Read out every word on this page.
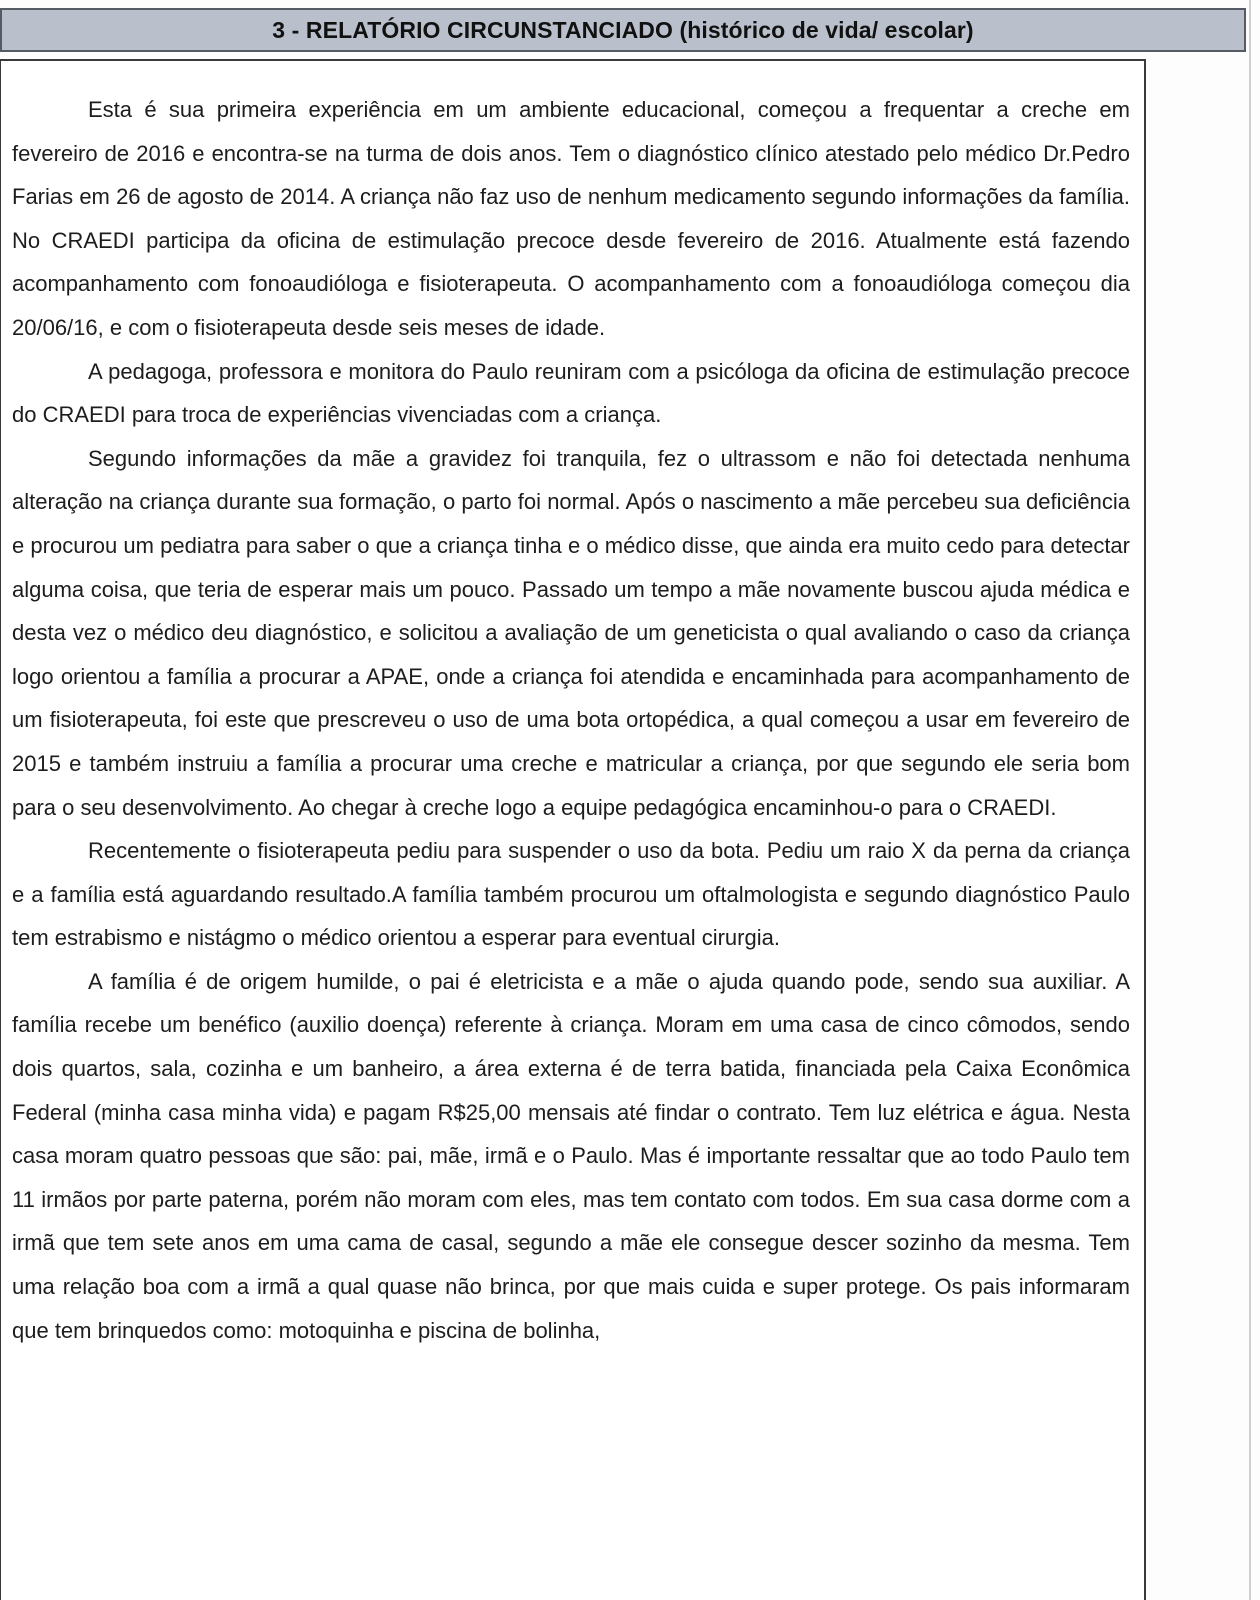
3 - RELATÓRIO CIRCUNSTANCIADO (histórico de vida/ escolar)

Esta é sua primeira experiência em um ambiente educacional, começou a frequentar a creche em fevereiro de 2016 e encontra-se na turma de dois anos. Tem o diagnóstico clínico atestado pelo médico Dr.Pedro Farias em 26 de agosto de 2014. A criança não faz uso de nenhum medicamento segundo informações da família. No CRAEDI participa da oficina de estimulação precoce desde fevereiro de 2016. Atualmente está fazendo acompanhamento com fonoaudióloga e fisioterapeuta. O acompanhamento com a fonoaudióloga começou dia 20/06/16, e com o fisioterapeuta desde seis meses de idade.

A pedagoga, professora e monitora do Paulo reuniram com a psicóloga da oficina de estimulação precoce do CRAEDI para troca de experiências vivenciadas com a criança.

Segundo informações da mãe a gravidez foi tranquila, fez o ultrassom e não foi detectada nenhuma alteração na criança durante sua formação, o parto foi normal. Após o nascimento a mãe percebeu sua deficiência e procurou um pediatra para saber o que a criança tinha e o médico disse, que ainda era muito cedo para detectar alguma coisa, que teria de esperar mais um pouco. Passado um tempo a mãe novamente buscou ajuda médica e desta vez o médico deu diagnóstico, e solicitou a avaliação de um geneticista o qual avaliando o caso da criança logo orientou a família a procurar a APAE, onde a criança foi atendida e encaminhada para acompanhamento de um fisioterapeuta, foi este que prescreveu o uso de uma bota ortopédica, a qual começou a usar em fevereiro de 2015 e também instruiu a família a procurar uma creche e matricular a criança, por que segundo ele seria bom para o seu desenvolvimento. Ao chegar à creche logo a equipe pedagógica encaminhou-o para o CRAEDI.

Recentemente o fisioterapeuta pediu para suspender o uso da bota. Pediu um raio X da perna da criança e a família está aguardando resultado.A família também procurou um oftalmologista e segundo diagnóstico Paulo tem estrabismo e nistágmo o médico orientou a esperar para eventual cirurgia.

A família é de origem humilde, o pai é eletricista e a mãe o ajuda quando pode, sendo sua auxiliar. A família recebe um benéfico (auxilio doença) referente à criança. Moram em uma casa de cinco cômodos, sendo dois quartos, sala, cozinha e um banheiro, a área externa é de terra batida, financiada pela Caixa Econômica Federal (minha casa minha vida) e pagam R$25,00 mensais até findar o contrato. Tem luz elétrica e água. Nesta casa moram quatro pessoas que são: pai, mãe, irmã e o Paulo. Mas é importante ressaltar que ao todo Paulo tem 11 irmãos por parte paterna, porém não moram com eles, mas tem contato com todos. Em sua casa dorme com a irmã que tem sete anos em uma cama de casal, segundo a mãe ele consegue descer sozinho da mesma. Tem uma relação boa com a irmã a qual quase não brinca, por que mais cuida e super protege. Os pais informaram que tem brinquedos como: motoquinha e piscina de bolinha,
